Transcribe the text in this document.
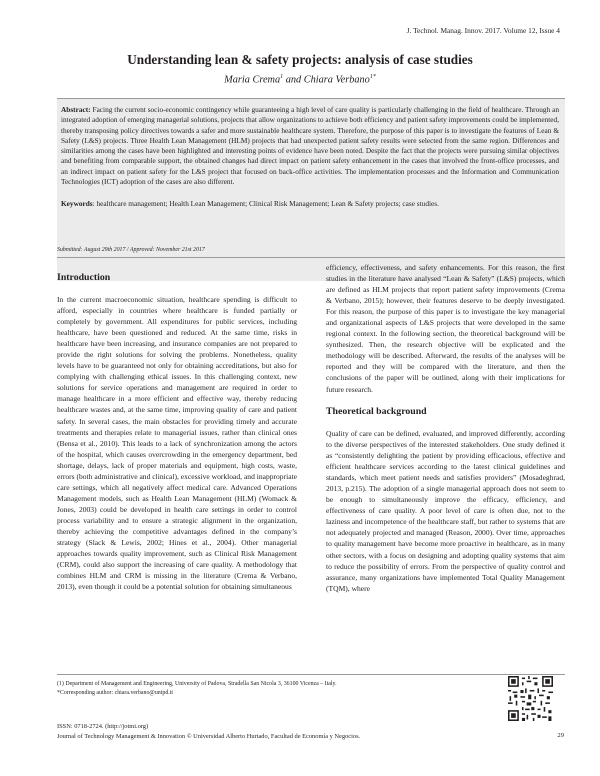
J. Technol. Manag. Innov. 2017. Volume 12, Issue 4
Understanding lean & safety projects: analysis of case studies
Maria Crema$^1$ and Chiara Verbano$^{1*}$

Abstract: Facing the current socio-economic contingency while guaranteeing a high level of care quality is particularly challenging in the field of healthcare. Through an integrated adoption of emerging managerial solutions, projects that allow organizations to achieve both efficiency and patient safety improvements could be implemented, thereby transposing policy directives towards a safer and more sustainable healthcare system. Therefore, the purpose of this paper is to investigate the features of Lean & Safety (L&S) projects. Three Health Lean Management (HLM) projects that had unexpected patient safety results were selected from the same region. Differences and similarities among the cases have been highlighted and interesting points of evidence have been noted. Despite the fact that the projects were pursuing similar objectives and benefiting from comparable support, the obtained changes had direct impact on patient safety enhancement in the cases that involved the front-office processes, and an indirect impact on patient safety for the L&S project that focused on back-office activities. The implementation processes and the Information and Communication Technologies (ICT) adoption of the cases are also different.

Keywords: healthcare management; Health Lean Management; Clinical Risk Management; Lean & Safety projects; case studies.

Submitted: August 29th 2017 / Approved: November 21st 2017
Introduction

In the current macroeconomic situation, healthcare spending is difficult to afford, especially in countries where healthcare is funded partially or completely by government. All expenditures for public services, including healthcare, have been questioned and reduced. At the same time, risks in healthcare have been increasing, and insurance companies are not prepared to provide the right solutions for solving the problems. Nonetheless, quality levels have to be guaranteed not only for obtaining accreditations, but also for complying with challenging ethical issues. In this challenging context, new solutions for service operations and management are required in order to manage healthcare in a more efficient and effective way, thereby reducing healthcare wastes and, at the same time, improving quality of care and patient safety. In several cases, the main obstacles for providing timely and accurate treatments and therapies relate to managerial issues, rather than clinical ones (Bensa et al., 2010). This leads to a lack of synchronization among the actors of the hospital, which causes overcrowding in the emergency department, bed shortage, delays, lack of proper materials and equipment, high costs, waste, errors (both administrative and clinical), excessive workload, and inappropriate care settings, which all negatively affect medical care. Advanced Operations Management models, such as Health Lean Management (HLM) (Womack & Jones, 2003) could be developed in health care settings in order to control process variability and to ensure a strategic alignment in the organization, thereby achieving the competitive advantages defined in the company’s strategy (Slack & Lewis, 2002; Hines et al., 2004). Other managerial approaches towards quality improvement, such as Clinical Risk Management (CRM), could also support the increasing of care quality. A methodology that combines HLM and CRM is missing in the literature (Crema & Verbano, 2013), even though it could be a potential solution for obtaining simultaneous

efficiency, effectiveness, and safety enhancements. For this reason, the first studies in the literature have analysed “Lean & Safety” (L&S) projects, which are defined as HLM projects that report patient safety improvements (Crema & Verbano, 2015); however, their features deserve to be deeply investigated. For this reason, the purpose of this paper is to investigate the key managerial and organizational aspects of L&S projects that were developed in the same regional context. In the following section, the theoretical background will be synthesized. Then, the research objective will be explicated and the methodology will be described. Afterward, the results of the analyses will be reported and they will be compared with the literature, and then the conclusions of the paper will be outlined, along with their implications for future research.

Theoretical background

Quality of care can be defined, evaluated, and improved differently, according to the diverse perspectives of the interested stakeholders. One study defined it as “consistently delighting the patient by providing efficacious, effective and efficient healthcare services according to the latest clinical guidelines and standards, which meet patient needs and satisfies providers” (Mosadeghrad, 2013, p.215). The adoption of a single managerial approach does not seem to be enough to simultaneously improve the efficacy, efficiency, and effectiveness of care quality. A poor level of care is often due, not to the laziness and incompetence of the healthcare staff, but rather to systems that are not adequately projected and managed (Reason, 2000). Over time, approaches to quality management have become more proactive in healthcare, as in many other sectors, with a focus on designing and adopting quality systems that aim to reduce the possibility of errors. From the perspective of quality control and assurance, many organizations have implemented Total Quality Management (TQM), where

(1) Department of Management and Engineering, University of Padova, Stradella San Nicola 3, 36100 Vicenza – Italy.

*Corresponding author: chiara.verbano@unipd.it

ISSN: 0718-2724. (http://jotmi.org)

Journal of Technology Management & Innovation © Universidad Alberto Hurtado, Facultad de Economía y Negocios.	29
